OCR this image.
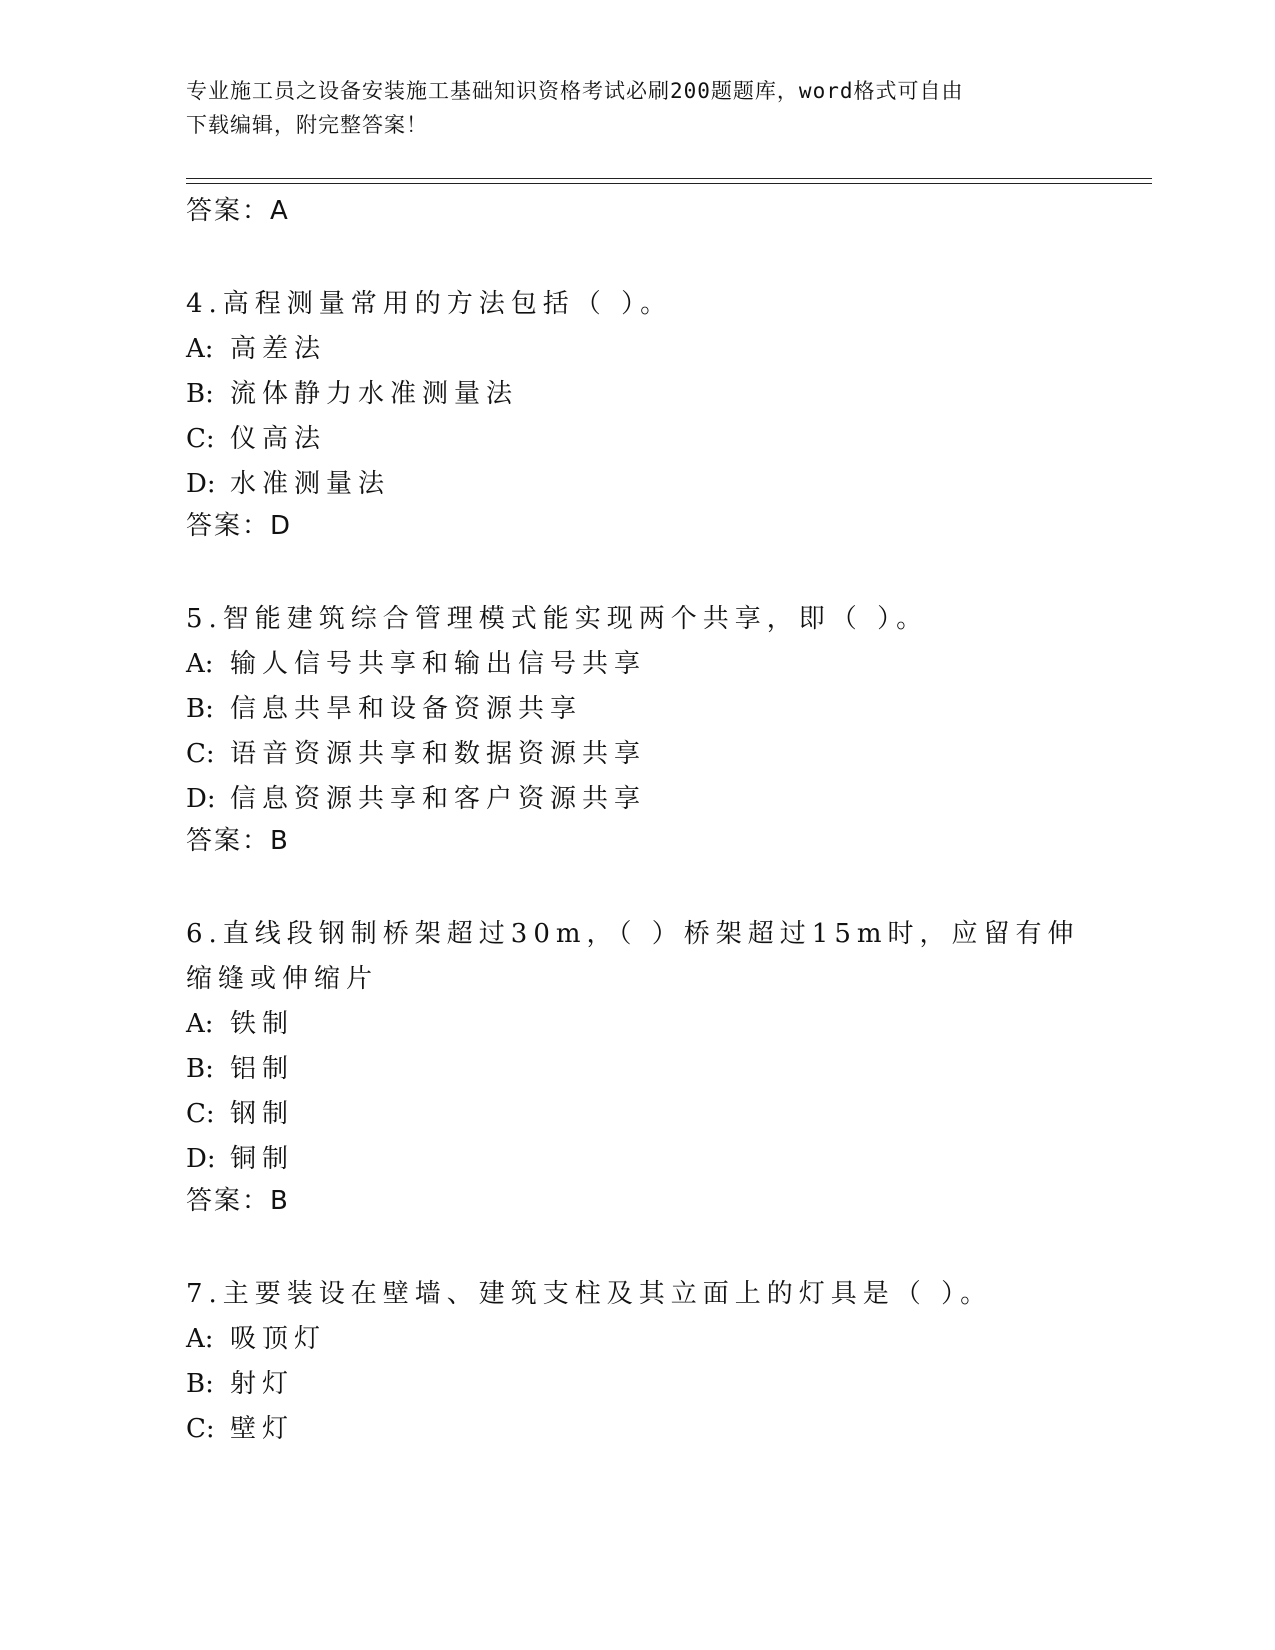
专业施工员之设备安装施工基础知识资格考试必刷200题题库，word格式可自由
下载编辑，附完整答案！

答案：A

4.高程测量常用的方法包括（ ）。

A: 高差法

B: 流体静力水准测量法

C: 仪高法

D: 水准测量法

答案：D

5.智能建筑综合管理模式能实现两个共享，即（ ）。

A: 输人信号共享和输出信号共享

B: 信息共旱和设备资源共享

C: 语音资源共享和数据资源共享

D: 信息资源共享和客户资源共享

答案：B

6.直线段钢制桥架超过30m，（ ）桥架超过15m时，应留有伸缩缝或伸缩片

A: 铁制

B: 铝制

C: 钢制

D: 铜制

答案：B

7.主要装设在壁墙、建筑支柱及其立面上的灯具是（ ）。

A: 吸顶灯

B: 射灯

C: 壁灯
